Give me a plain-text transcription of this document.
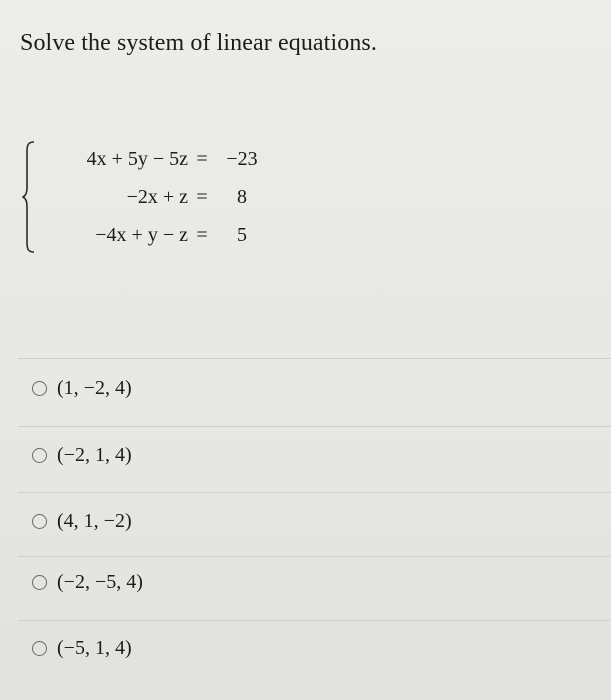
Solve the system of linear equations.
4x + 5y − 5z = −23
−2x + z =	8
−4x + y − z =	5
(1, −2, 4)
(−2, 1, 4)
(4, 1, −2)
(−2, −5, 4)
(−5, 1, 4)
